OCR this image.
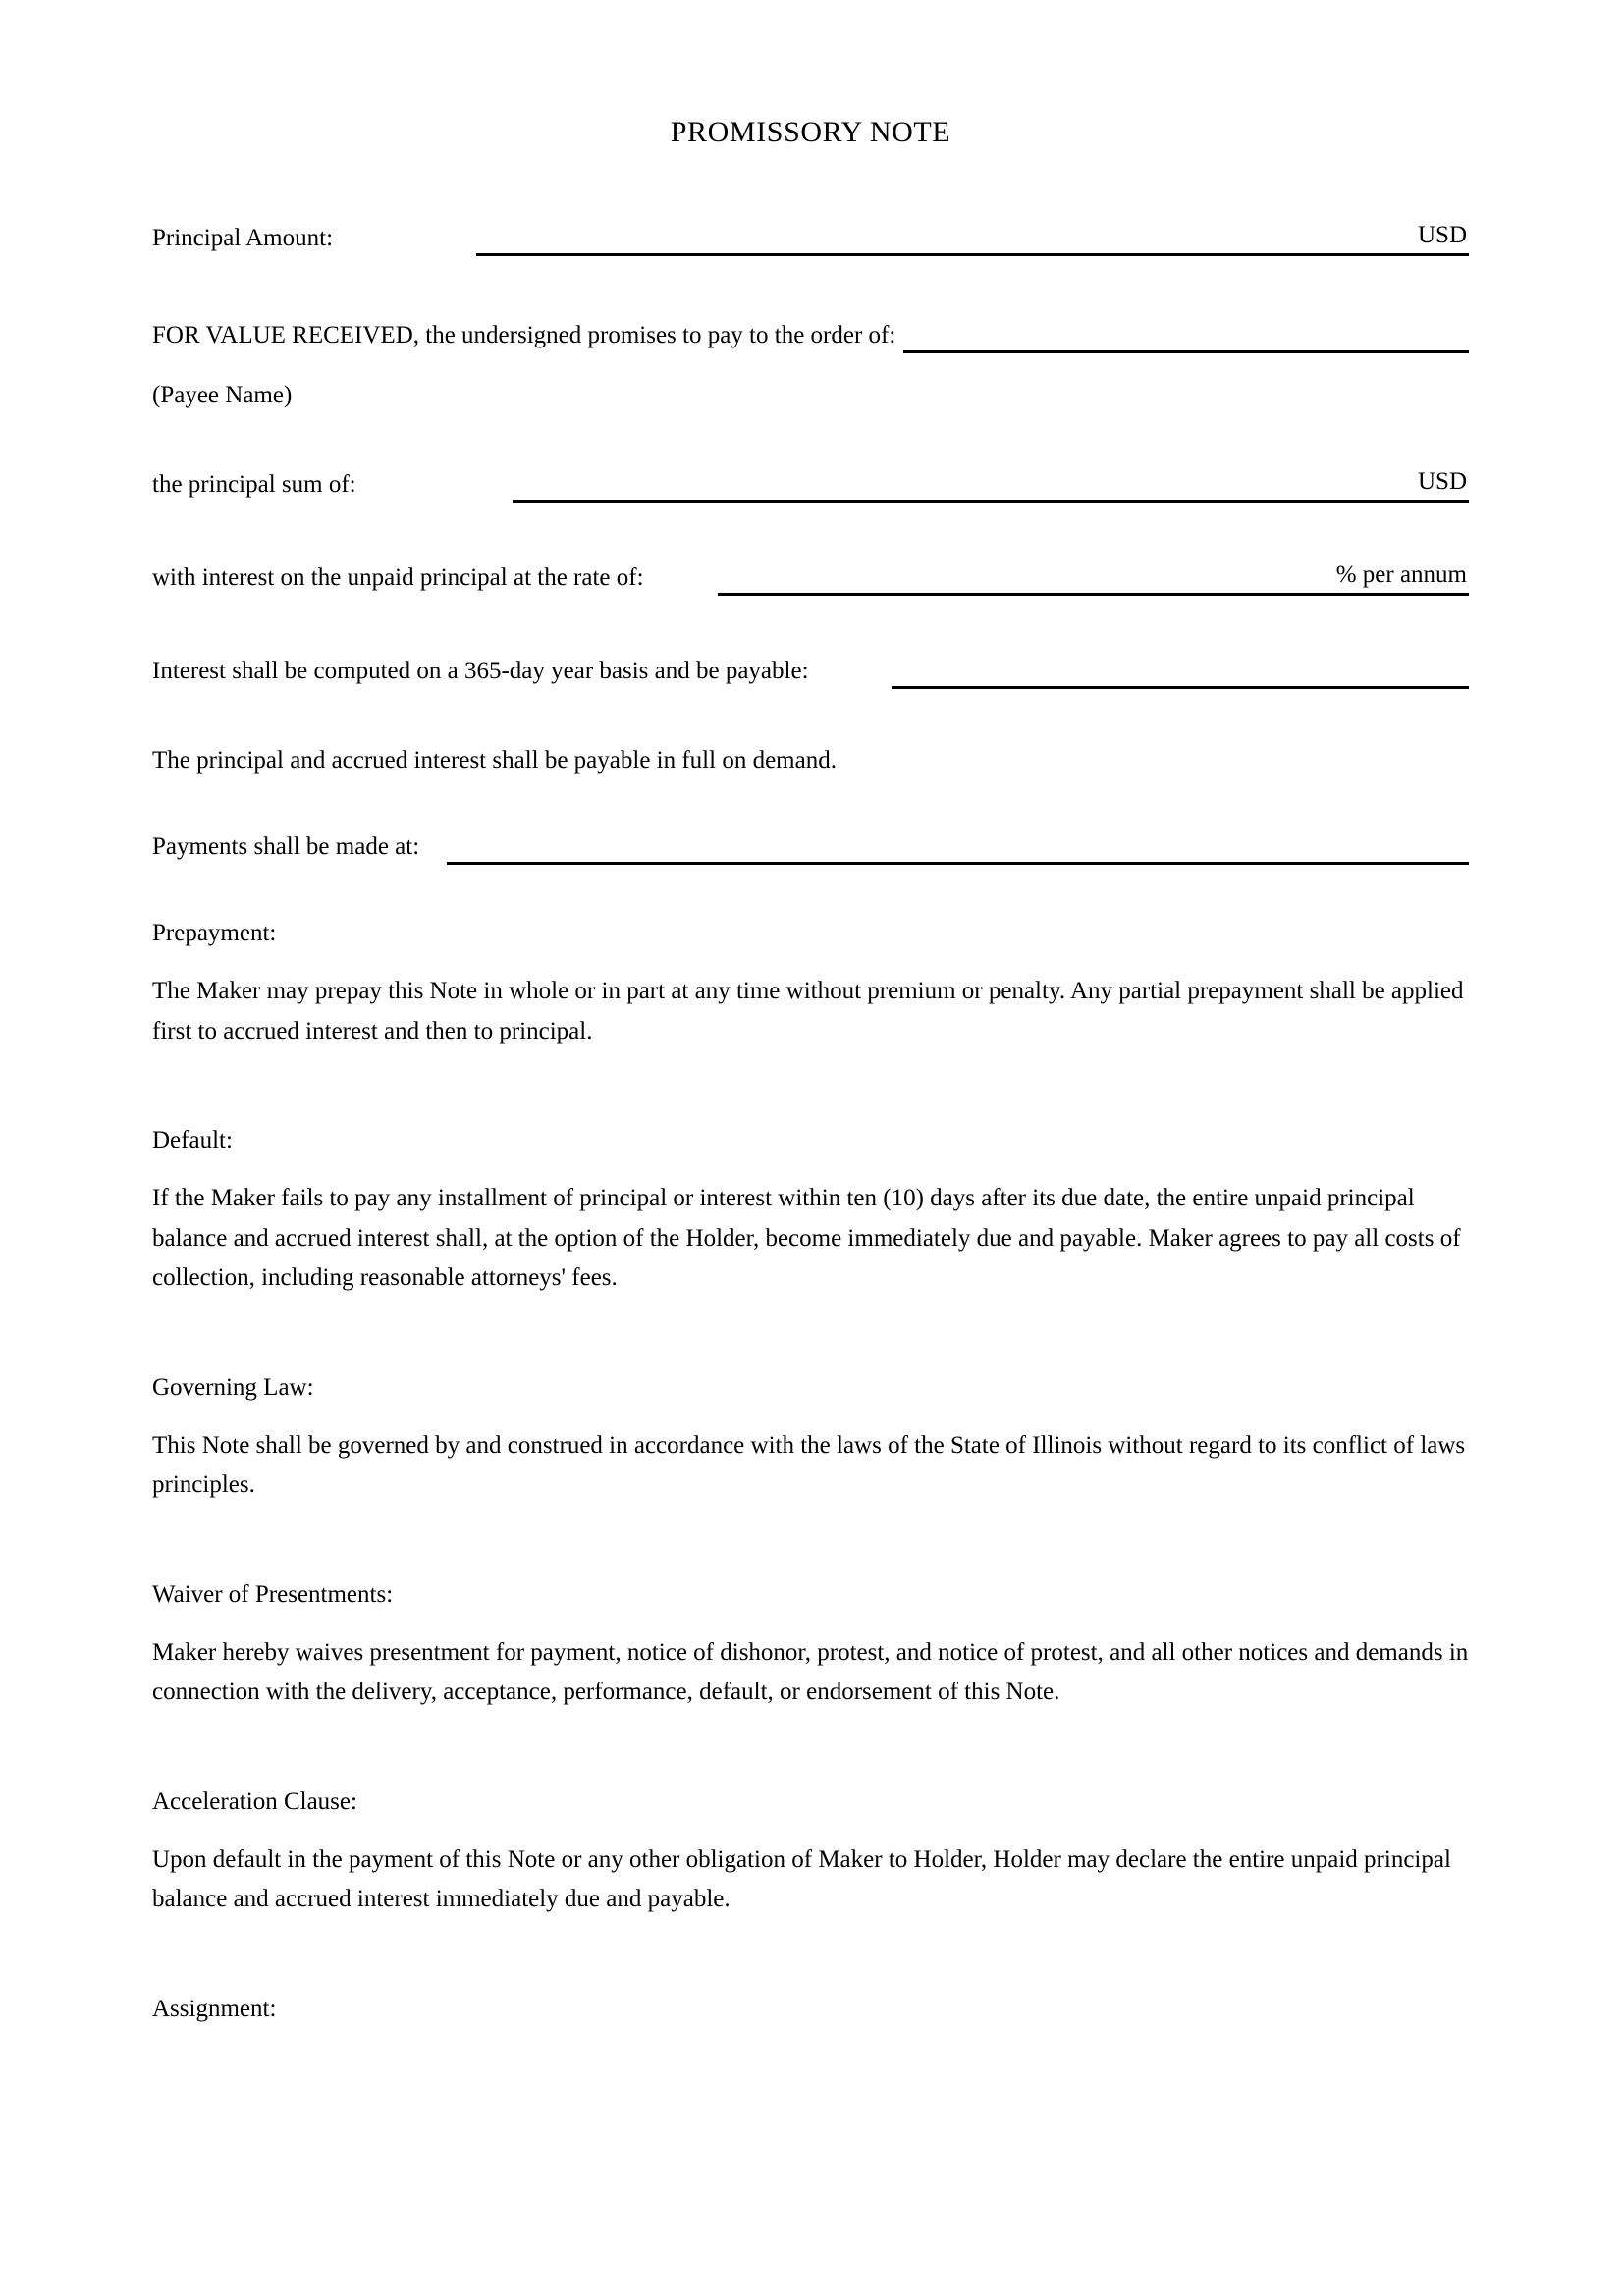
PROMISSORY NOTE
Principal Amount:	USD
FOR VALUE RECEIVED, the undersigned promises to pay to the order of:

(Payee Name)

the principal sum of:	USD
with interest on the unpaid principal at the rate of:	% per annum
Interest shall be computed on a 365-day year basis and be payable:

The principal and accrued interest shall be payable in full on demand.

Payments shall be made at:

Prepayment:

The Maker may prepay this Note in whole or in part at any time without premium or penalty. Any partial prepayment shall be applied first to accrued interest and then to principal.

Default:

If the Maker fails to pay any installment of principal or interest within ten (10) days after its due date, the entire unpaid principal balance and accrued interest shall, at the option of the Holder, become immediately due and payable. Maker agrees to pay all costs of collection, including reasonable attorneys' fees.

Governing Law:

This Note shall be governed by and construed in accordance with the laws of the State of Illinois without regard to its conflict of laws principles.

Waiver of Presentments:

Maker hereby waives presentment for payment, notice of dishonor, protest, and notice of protest, and all other notices and demands in connection with the delivery, acceptance, performance, default, or endorsement of this Note.

Acceleration Clause:

Upon default in the payment of this Note or any other obligation of Maker to Holder, Holder may declare the entire unpaid principal balance and accrued interest immediately due and payable.

Assignment:
